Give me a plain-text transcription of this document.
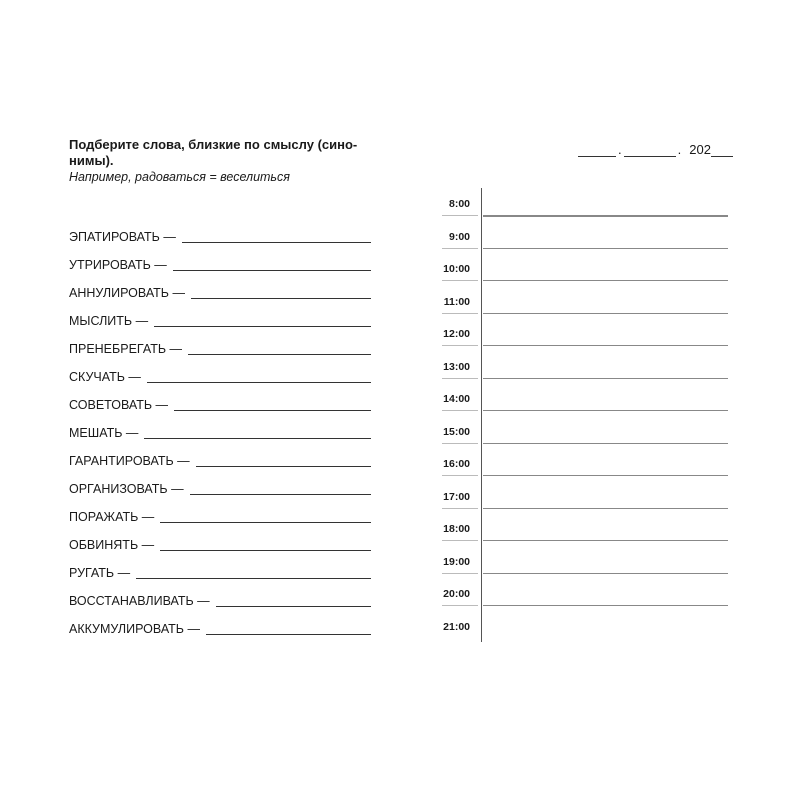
Подберите слова, близкие по смыслу (сино-
нимы).

Например, радоваться = веселиться

ЭПАТИРОВАТЬ —
УТРИРОВАТЬ —
АННУЛИРОВАТЬ —
МЫСЛИТЬ —
ПРЕНЕБРЕГАТЬ —
СКУЧАТЬ —
СОВЕТОВАТЬ —
МЕШАТЬ —
ГАРАНТИРОВАТЬ —
ОРГАНИЗОВАТЬ —
ПОРАЖАТЬ —
ОБВИНЯТЬ —
РУГАТЬ —
ВОССТАНАВЛИВАТЬ —
АККУМУЛИРОВАТЬ —
.	. 202
8:00
9:00
10:00
11:00
12:00
13:00
14:00
15:00
16:00
17:00
18:00
19:00
20:00
21:00
